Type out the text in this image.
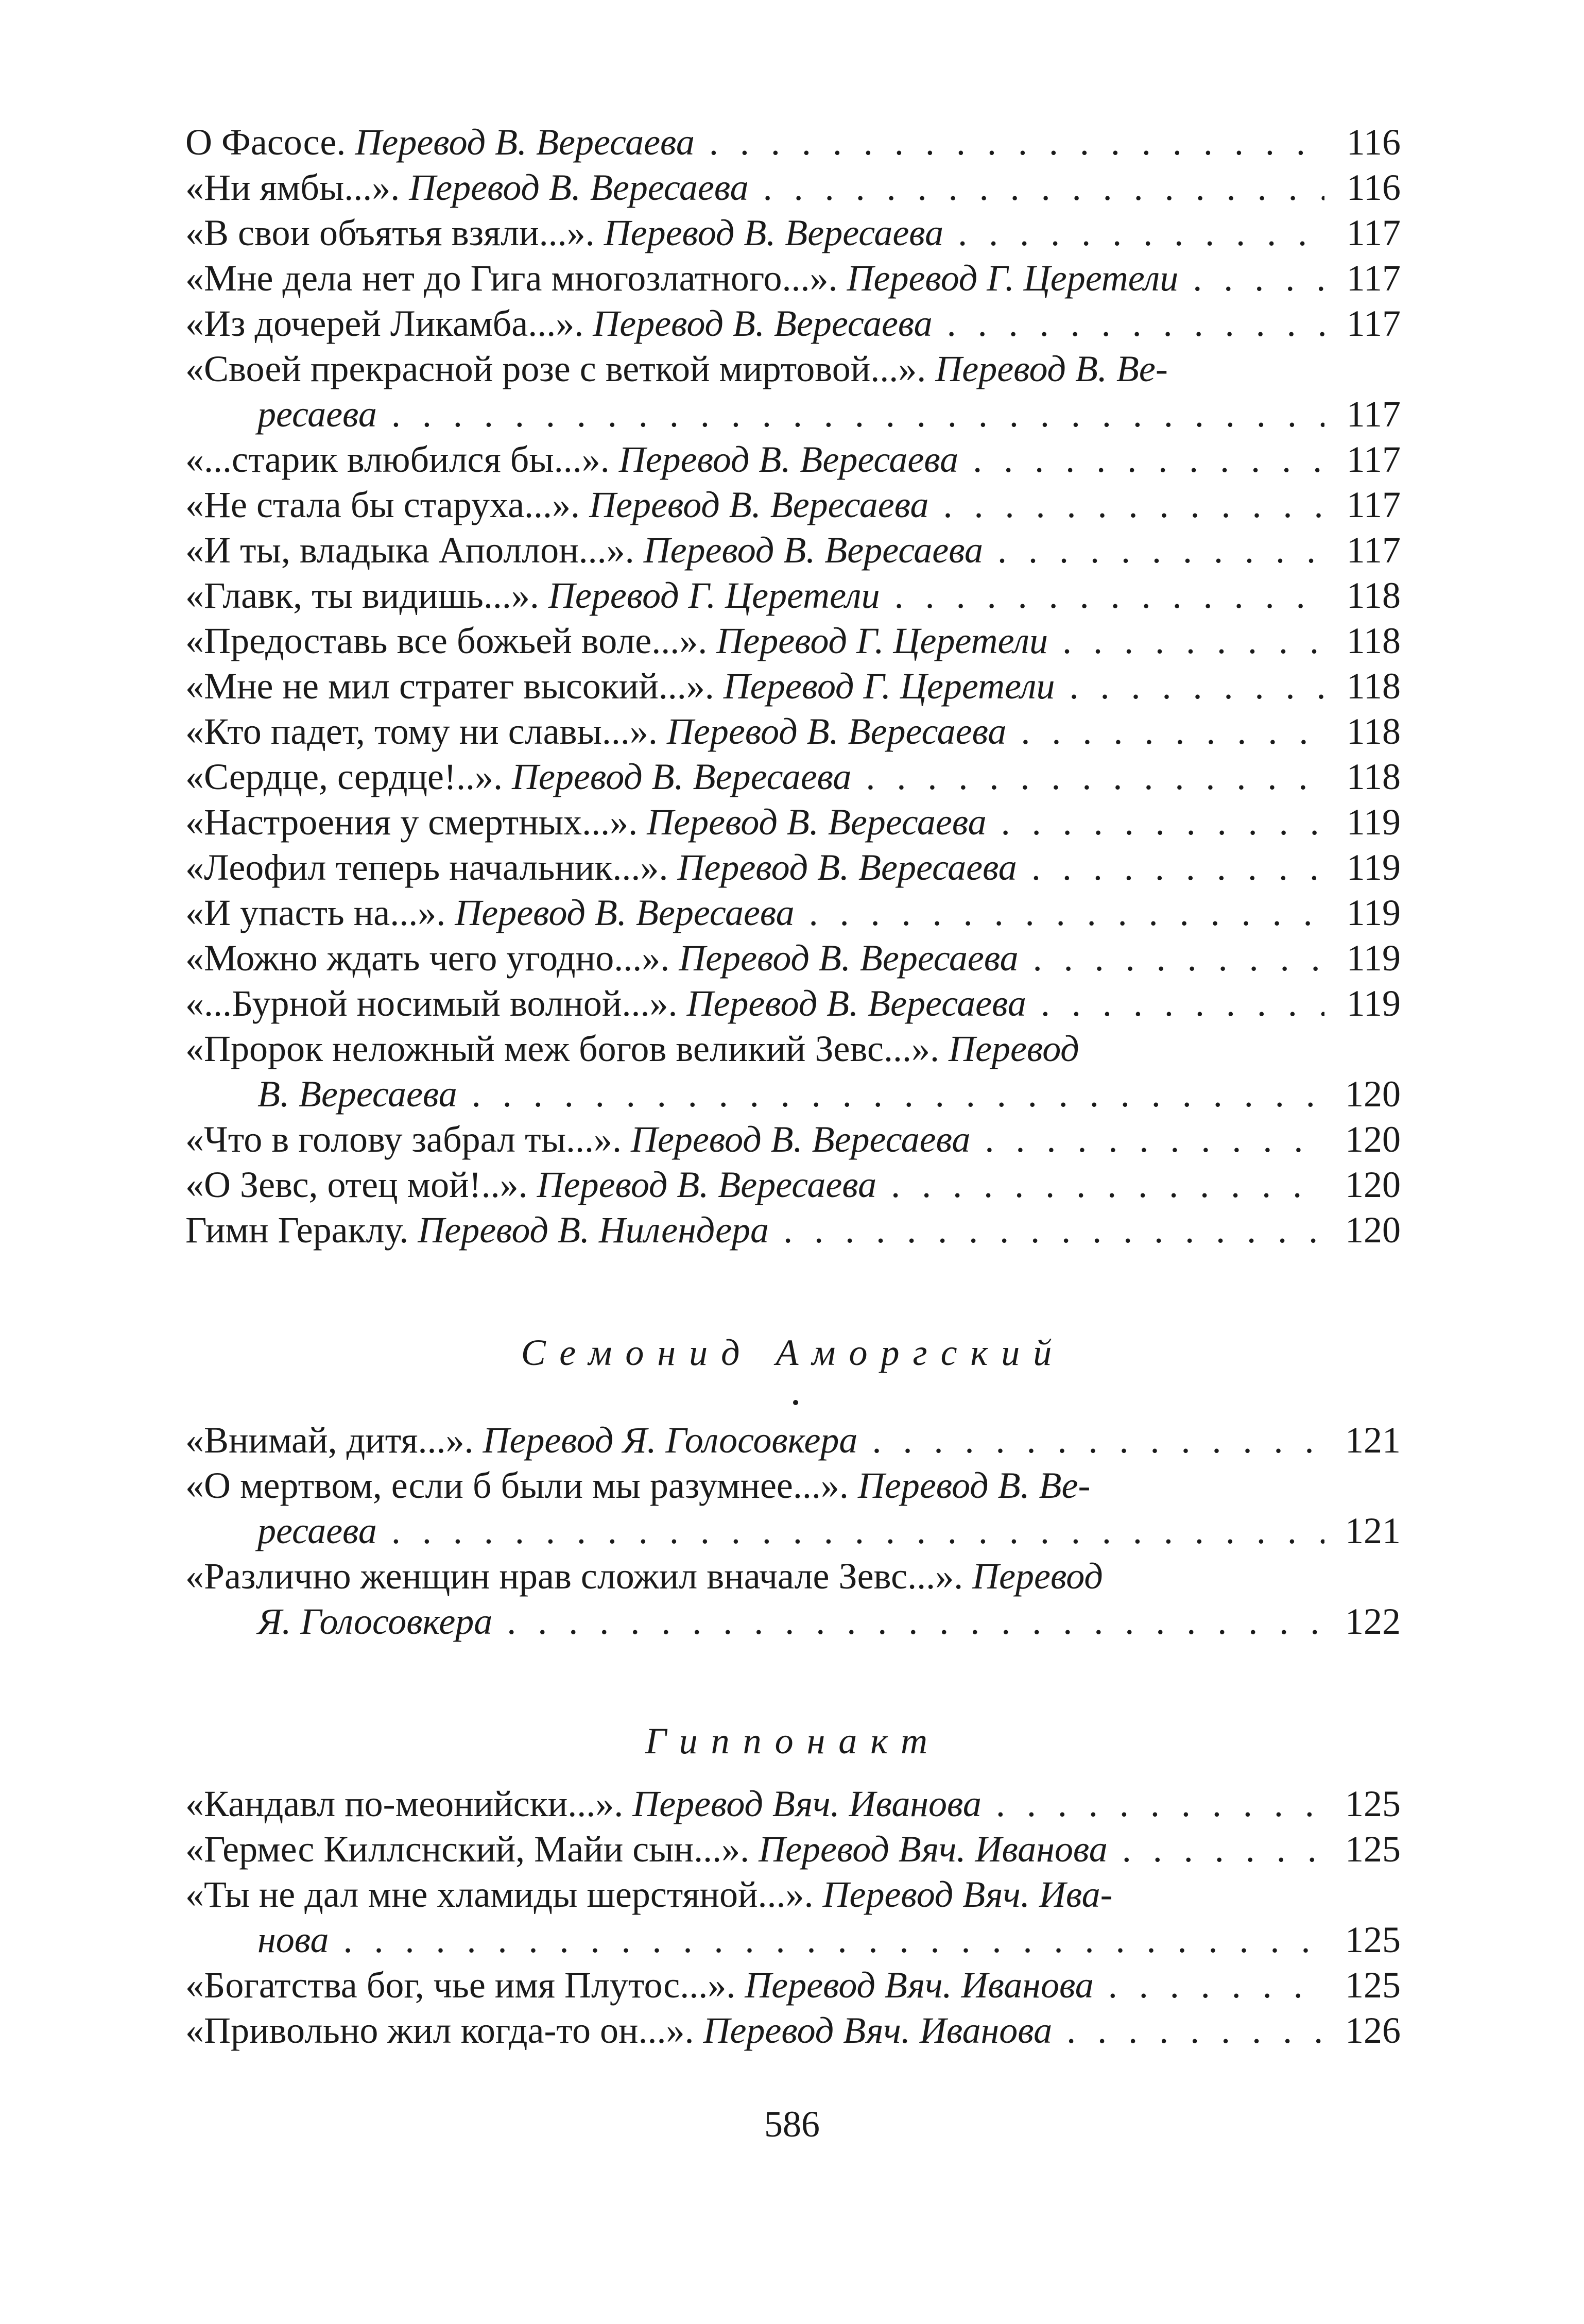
О Фасосе. Перевод В. Вересаева . . .	116
«Ни ямбы...». Перевод В. Вересаева . . .	116
«В свои объятья взяли...». Перевод В. Вересаева . . .	117
«Мне дела нет до Гига многозлатного...». Перевод Г. Церетели . . .	117
«Из дочерей Ликамба...». Перевод В. Вересаева . . .	117
«Своей прекрасной розе с веткой миртовой...». Перевод В. Ве-
ресаева . . .	117
«...старик влюбился бы...». Перевод В. Вересаева . . .	117
«Не стала бы старуха...». Перевод В. Вересаева . . .	117
«И ты, владыка Аполлон...». Перевод В. Вересаева . . .	117
«Главк, ты видишь...». Перевод Г. Церетели . . .	118
«Предоставь все божьей воле...». Перевод Г. Церетели . . .	118
«Мне не мил стратег высокий...». Перевод Г. Церетели . . .	118
«Кто падет, тому ни славы...». Перевод В. Вересаева . . .	118
«Сердце, сердце!..». Перевод В. Вересаева . . .	118
«Настроения у смертных...». Перевод В. Вересаева . . .	119
«Леофил теперь начальник...». Перевод В. Вересаева . . .	119
«И упасть на...». Перевод В. Вересаева . . .	119
«Можно ждать чего угодно...». Перевод В. Вересаева . . .	119
«...Бурной носимый волной...». Перевод В. Вересаева . . .	119
«Пророк неложный меж богов великий Зевс...». Перевод
В. Вересаева . . .	120
«Что в голову забрал ты...». Перевод В. Вересаева . . .	120
«О Зевс, отец мой!..». Перевод В. Вересаева . . .	120
Гимн Гераклу. Перевод В. Нилендера . . .	120
Семонид Аморгский
«Внимай, дитя...». Перевод Я. Голосовкера . . .	121
«О мертвом, если б были мы разумнее...». Перевод В. Ве-
ресаева . . .	121
«Различно женщин нрав сложил вначале Зевс...». Перевод
Я. Голосовкера . . .	122
Гиппонакт
«Кандавл по-меонийски...». Перевод Вяч. Иванова . . .	125
«Гермес Киллснский, Майи сын...». Перевод Вяч. Иванова . . .	125
«Ты не дал мне хламиды шерстяной...». Перевод Вяч. Ива-
нова . . .	125
«Богатства бог, чье имя Плутос...». Перевод Вяч. Иванова . . .	125
«Привольно жил когда-то он...». Перевод Вяч. Иванова . . .	126
586
